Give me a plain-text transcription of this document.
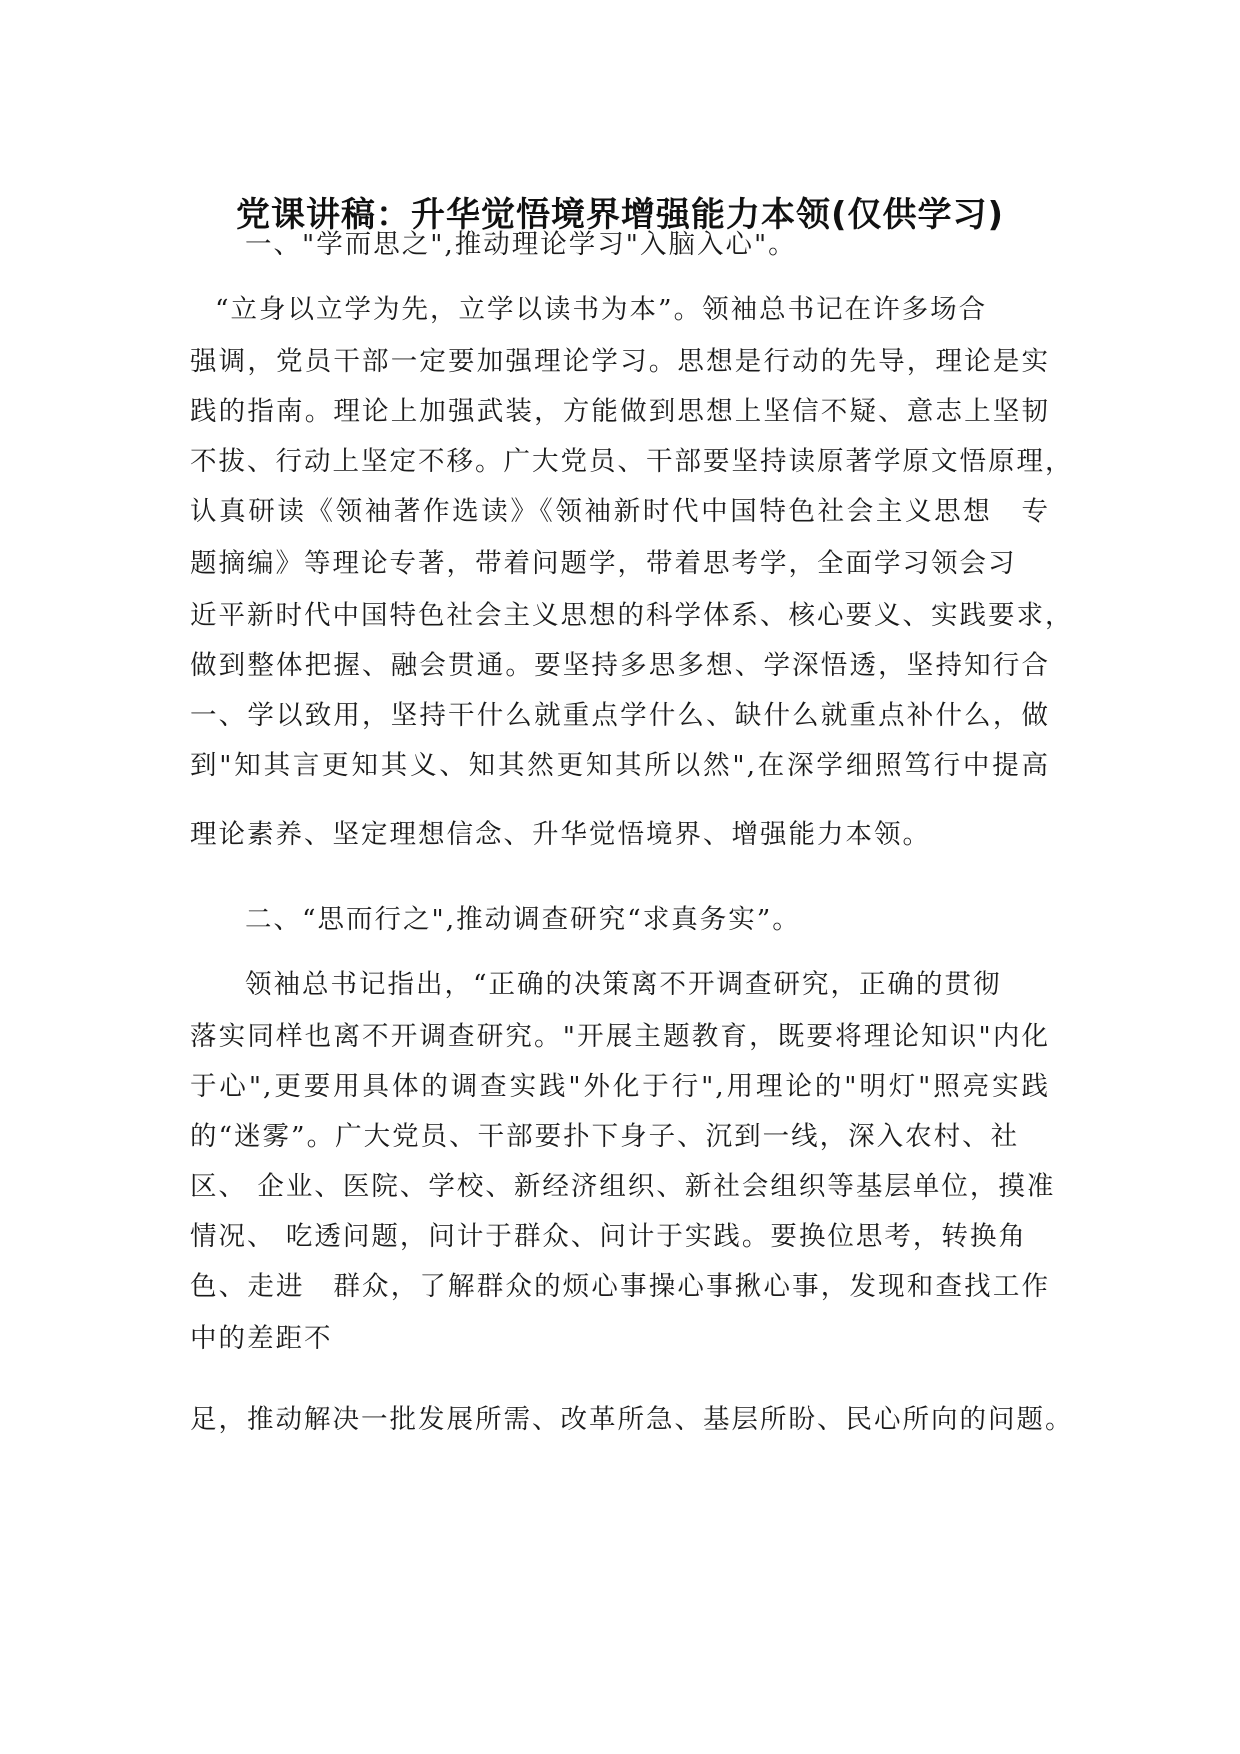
党课讲稿：升华觉悟境界增强能力本领(仅供学习)
一、"学而思之",推动理论学习"入脑入心"。
“立身以立学为先，立学以读书为本”。领袖总书记在许多场合
强调，党员干部一定要加强理论学习。思想是行动的先导，理论是实
践的指南。理论上加强武装，方能做到思想上坚信不疑、意志上坚韧
不拔、行动上坚定不移。广大党员、干部要坚持读原著学原文悟原理，
认真研读《领袖著作选读》《领袖新时代中国特色社会主义思想　专
题摘编》等理论专著，带着问题学，带着思考学，全面学习领会习
近平新时代中国特色社会主义思想的科学体系、核心要义、实践要求，
做到整体把握、融会贯通。要坚持多思多想、学深悟透，坚持知行合
一、学以致用，坚持干什么就重点学什么、缺什么就重点补什么，做
到"知其言更知其义、知其然更知其所以然",在深学细照笃行中提高
理论素养、坚定理想信念、升华觉悟境界、增强能力本领。
二、“思而行之",推动调查研究“求真务实”。
领袖总书记指出，“正确的决策离不开调查研究，正确的贯彻
落实同样也离不开调查研究。"开展主题教育，既要将理论知识"内化
于心",更要用具体的调查实践"外化于行",用理论的"明灯"照亮实践
的“迷雾”。广大党员、干部要扑下身子、沉到一线，深入农村、社
区、 企业、医院、学校、新经济组织、新社会组织等基层单位，摸准
情况、 吃透问题，问计于群众、问计于实践。要换位思考，转换角
色、走进　群众，了解群众的烦心事操心事揪心事，发现和查找工作
中的差距不
足，推动解决一批发展所需、改革所急、基层所盼、民心所向的问题。
